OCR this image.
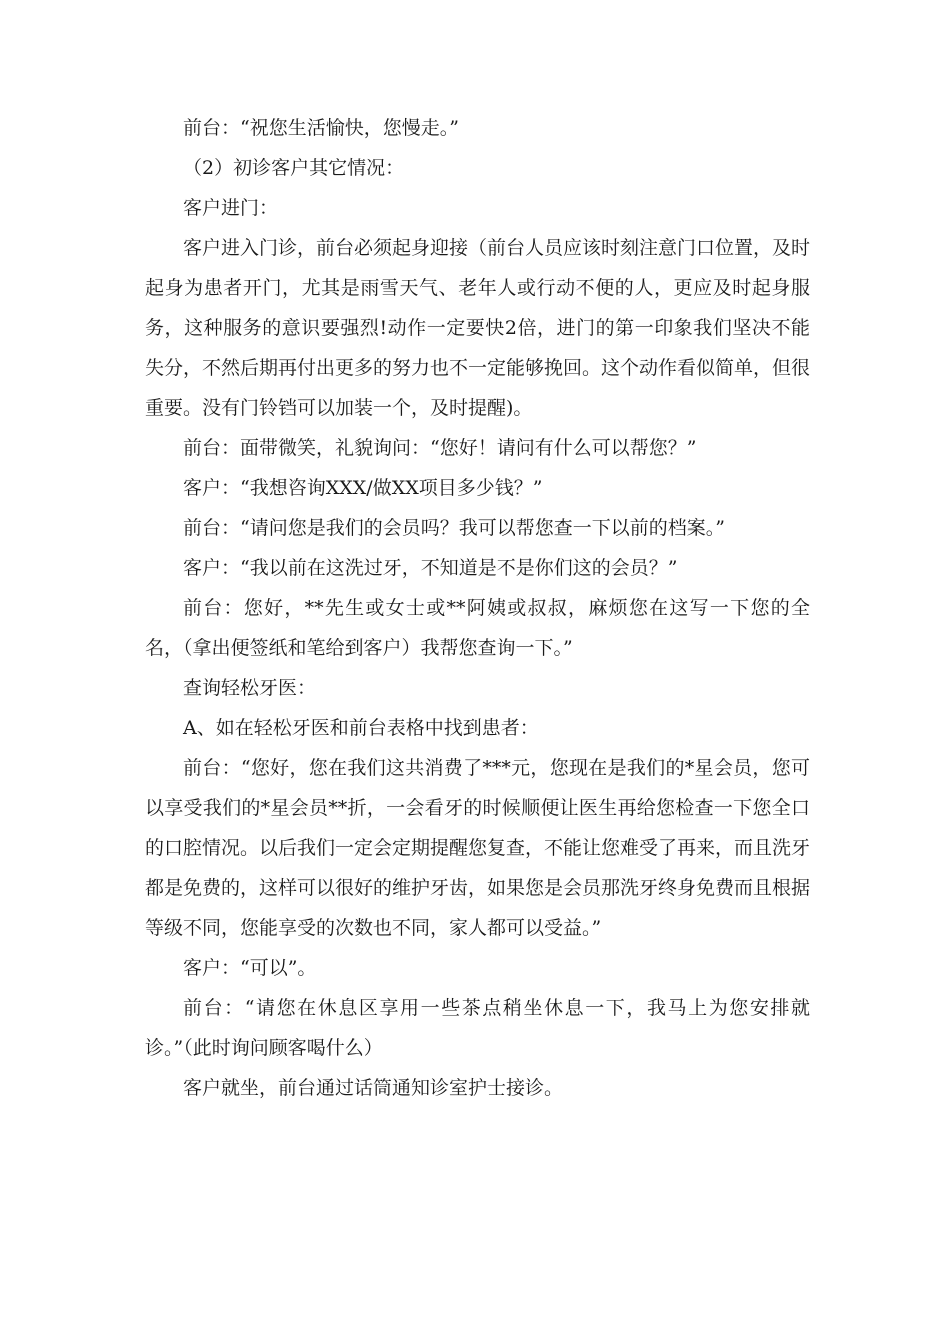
前台：“祝您生活愉快，您慢走。”

（2）初诊客户其它情况：

客户进门：

客户进入门诊，前台必须起身迎接（前台人员应该时刻注意门口位置，及时起身为患者开门，尤其是雨雪天气、老年人或行动不便的人，更应及时起身服务，这种服务的意识要强烈!动作一定要快2倍，进门的第一印象我们坚决不能失分，不然后期再付出更多的努力也不一定能够挽回。这个动作看似简单，但很重要。没有门铃铛可以加装一个，及时提醒)。

前台：面带微笑，礼貌询问：“您好！请问有什么可以帮您？”

客户：“我想咨询XXX/做XX项目多少钱？”

前台：“请问您是我们的会员吗？我可以帮您查一下以前的档案。”

客户：“我以前在这洗过牙，不知道是不是你们这的会员？”

前台：您好，**先生或女士或**阿姨或叔叔，麻烦您在这写一下您的全名，（拿出便签纸和笔给到客户）我帮您查询一下。”

查询轻松牙医：

A、如在轻松牙医和前台表格中找到患者：

前台：“您好，您在我们这共消费了***元，您现在是我们的*星会员，您可以享受我们的*星会员**折，一会看牙的时候顺便让医生再给您检查一下您全口的口腔情况。以后我们一定会定期提醒您复查，不能让您难受了再来，而且洗牙都是免费的，这样可以很好的维护牙齿，如果您是会员那洗牙终身免费而且根据等级不同，您能享受的次数也不同，家人都可以受益。”

客户：“可以”。

前台：“请您在休息区享用一些茶点稍坐休息一下，我马上为您安排就诊。”（此时询问顾客喝什么）

客户就坐，前台通过话筒通知诊室护士接诊。
